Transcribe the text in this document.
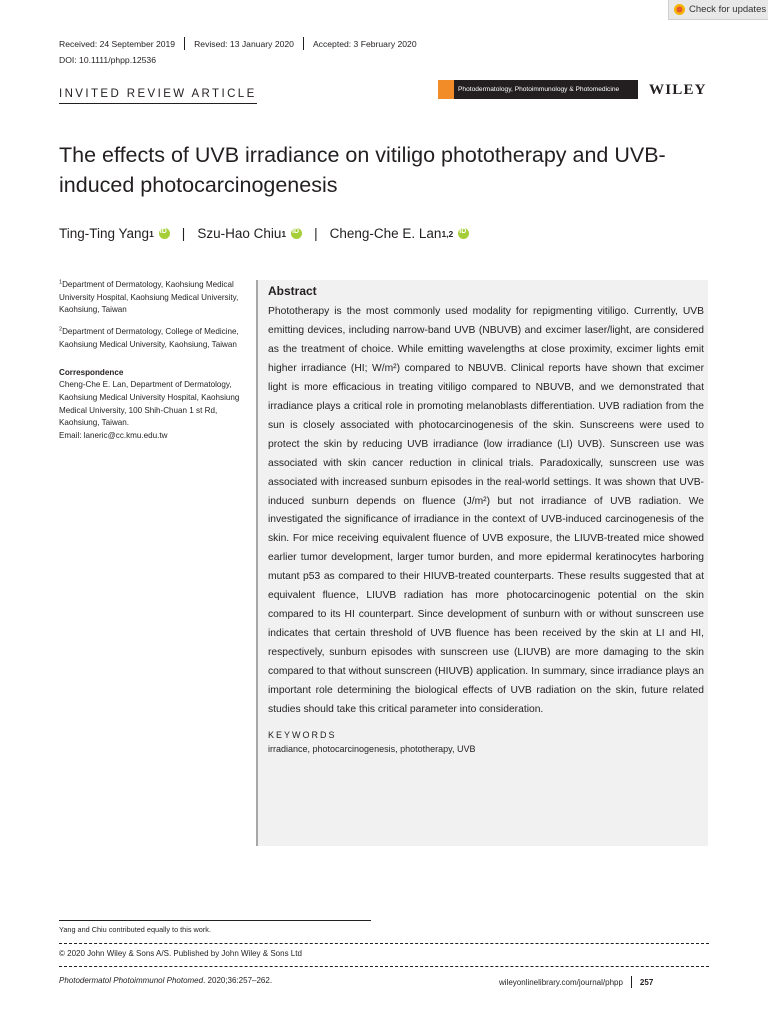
Check for updates
Received: 24 September 2019 Revised: 13 January 2020 Accepted: 3 February 2020
DOI: 10.1111/phpp.12536
INVITED REVIEW ARTICLE	Photodermatology, Photoimmunology & Photomedicine	WILEY
The effects of UVB irradiance on vitiligo phototherapy and UVB-induced photocarcinogenesis
Ting-Ting Yang 1 iD | Szu-Hao Chiu 1 iD | Cheng-Che E. Lan 1,2
iD

$^1$Department of Dermatology, Kaohsiung Medical University Hospital, Kaohsiung Medical University, Kaohsiung, Taiwan

$^2$Department of Dermatology, College of Medicine, Kaohsiung Medical University, Kaohsiung, Taiwan

Correspondence

Cheng-Che E. Lan, Department of Dermatology, Kaohsiung Medical University Hospital, Kaohsiung Medical University, 100 Shih-Chuan 1 st Rd, Kaohsiung, Taiwan.

Email: laneric@cc.kmu.edu.tw

Abstract

Phototherapy is the most commonly used modality for repigmenting vitiligo. Currently, UVB emitting devices, including narrow-band UVB (NBUVB) and excimer laser/light, are considered as the treatment of choice. While emitting wavelengths at close proximity, excimer lights emit higher irradiance (HI; W/m²) compared to NBUVB. Clinical reports have shown that excimer light is more efficacious in treating vitiligo compared to NBUVB, and we demonstrated that irradiance plays a critical role in promoting melanoblasts differentiation. UVB radiation from the sun is closely associated with photocarcinogenesis of the skin. Sunscreens were used to protect the skin by reducing UVB irradiance (low irradiance (LI) UVB). Sunscreen use was associated with skin cancer reduction in clinical trials. Paradoxically, sunscreen use was associated with increased sunburn episodes in the real-world settings. It was shown that UVB-induced sunburn depends on fluence (J/m²) but not irradiance of UVB radiation. We investigated the significance of irradiance in the context of UVB-induced carcinogenesis of the skin. For mice receiving equivalent fluence of UVB exposure, the LIUVB-treated mice showed earlier tumor development, larger tumor burden, and more epidermal keratinocytes harboring mutant p53 as compared to their HIUVB-treated counterparts. These results suggested that at equivalent fluence, LIUVB radiation has more photocarcinogenic potential on the skin compared to its HI counterpart. Since development of sunburn with or without sunscreen use indicates that certain threshold of UVB fluence has been received by the skin at LI and HI, respectively, sunburn episodes with sunscreen use (LIUVB) are more damaging to the skin compared to that without sunscreen (HIUVB) application. In summary, since irradiance plays an important role determining the biological effects of UVB radiation on the skin, future related studies should take this critical parameter into consideration.

KEYWORDS

irradiance, photocarcinogenesis, phototherapy, UVB

Yang and Chiu contributed equally to this work.
© 2020 John Wiley & Sons A/S. Published by John Wiley & Sons Ltd
Photodermatol Photoimmunol Photomed. 2020;36:257–262.	wileyonlinelibrary.com/journal/phpp 257
